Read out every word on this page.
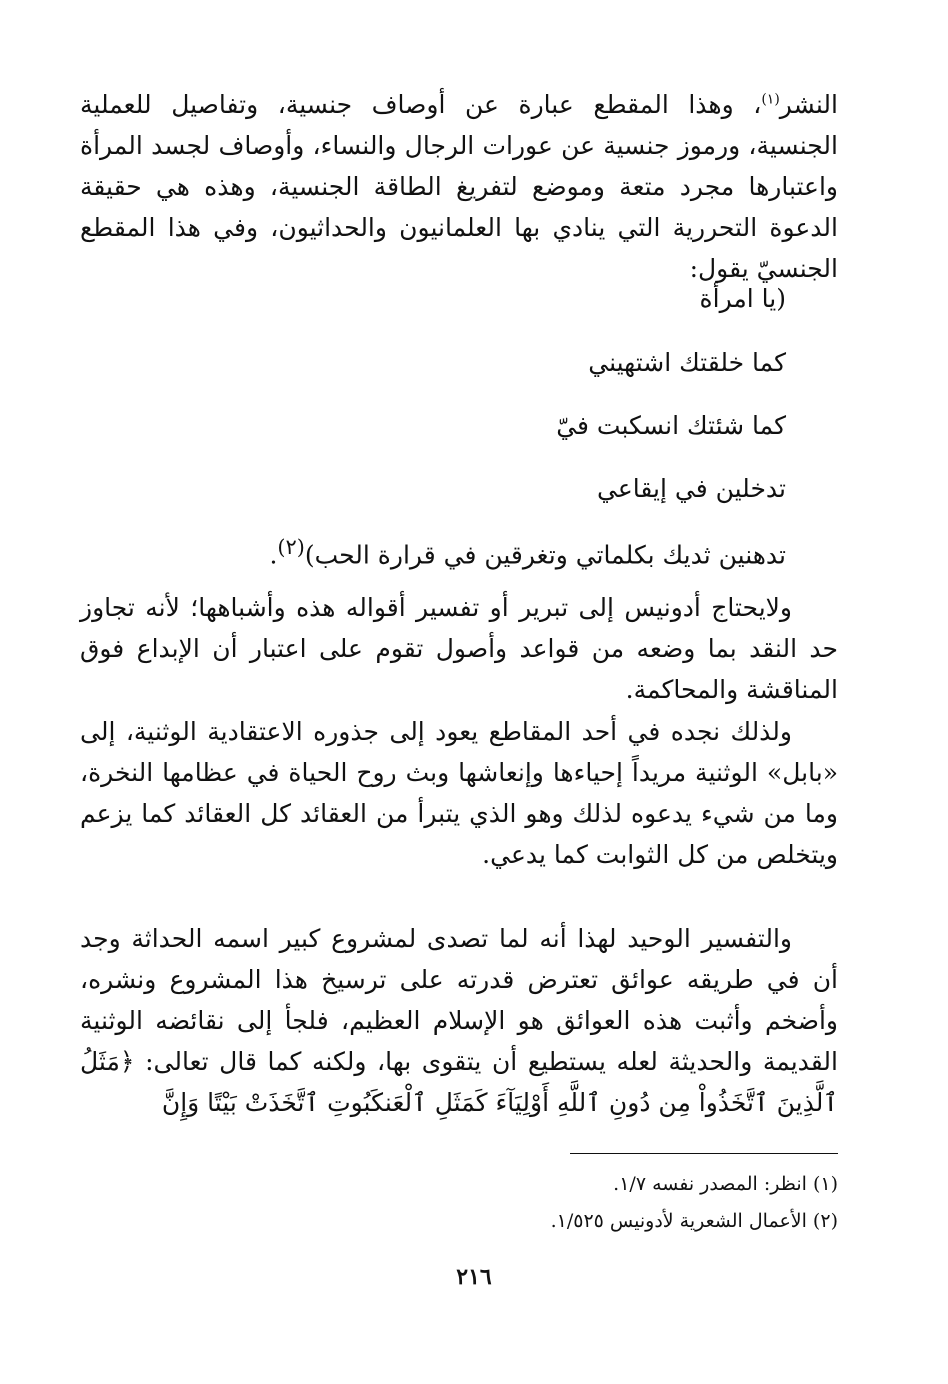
النشر$^{(١)}$، وهذا المقطع عبارة عن أوصاف جنسية، وتفاصيل للعملية الجنسية، ورموز جنسية عن عورات الرجال والنساء، وأوصاف لجسد المرأة واعتبارها مجرد متعة وموضع لتفريغ الطاقة الجنسية، وهذه هي حقيقة الدعوة التحررية التي ينادي بها العلمانيون والحداثيون، وفي هذا المقطع الجنسيّ يقول:

(يا امرأة

كما خلقتك اشتهيني

كما شئتك انسكبت فيّ

تدخلين في إيقاعي

تدهنين ثديك بكلماتي وتغرقين في قرارة الحب)$^{(٢)}$.

ولايحتاج أدونيس إلى تبرير أو تفسير أقواله هذه وأشباهها؛ لأنه تجاوز حد النقد بما وضعه من قواعد وأصول تقوم على اعتبار أن الإبداع فوق المناقشة والمحاكمة.

ولذلك نجده في أحد المقاطع يعود إلى جذوره الاعتقادية الوثنية، إلى «بابل» الوثنية مريداً إحياءها وإنعاشها وبث روح الحياة في عظامها النخرة، وما من شيء يدعوه لذلك وهو الذي يتبرأ من العقائد كل العقائد كما يزعم ويتخلص من كل الثوابت كما يدعي.

والتفسير الوحيد لهذا أنه لما تصدى لمشروع كبير اسمه الحداثة وجد أن في طريقه عوائق تعترض قدرته على ترسيخ هذا المشروع ونشره، وأضخم وأثبت هذه العوائق هو الإسلام العظيم، فلجأ إلى نقائضه الوثنية القديمة والحديثة لعله يستطيع أن يتقوى بها، ولكنه كما قال تعالى: ﴿مَثَلُ ٱلَّذِينَ ٱتَّخَذُواْ مِن دُونِ ٱللَّهِ أَوْلِيَآءَ كَمَثَلِ ٱلْعَنكَبُوتِ ٱتَّخَذَتْ بَيْتًا وَإِنَّ

(١) انظر: المصدر نفسه ١/٧.

(٢) الأعمال الشعرية لأدونيس ١/٥٢٥.

٢١٦
